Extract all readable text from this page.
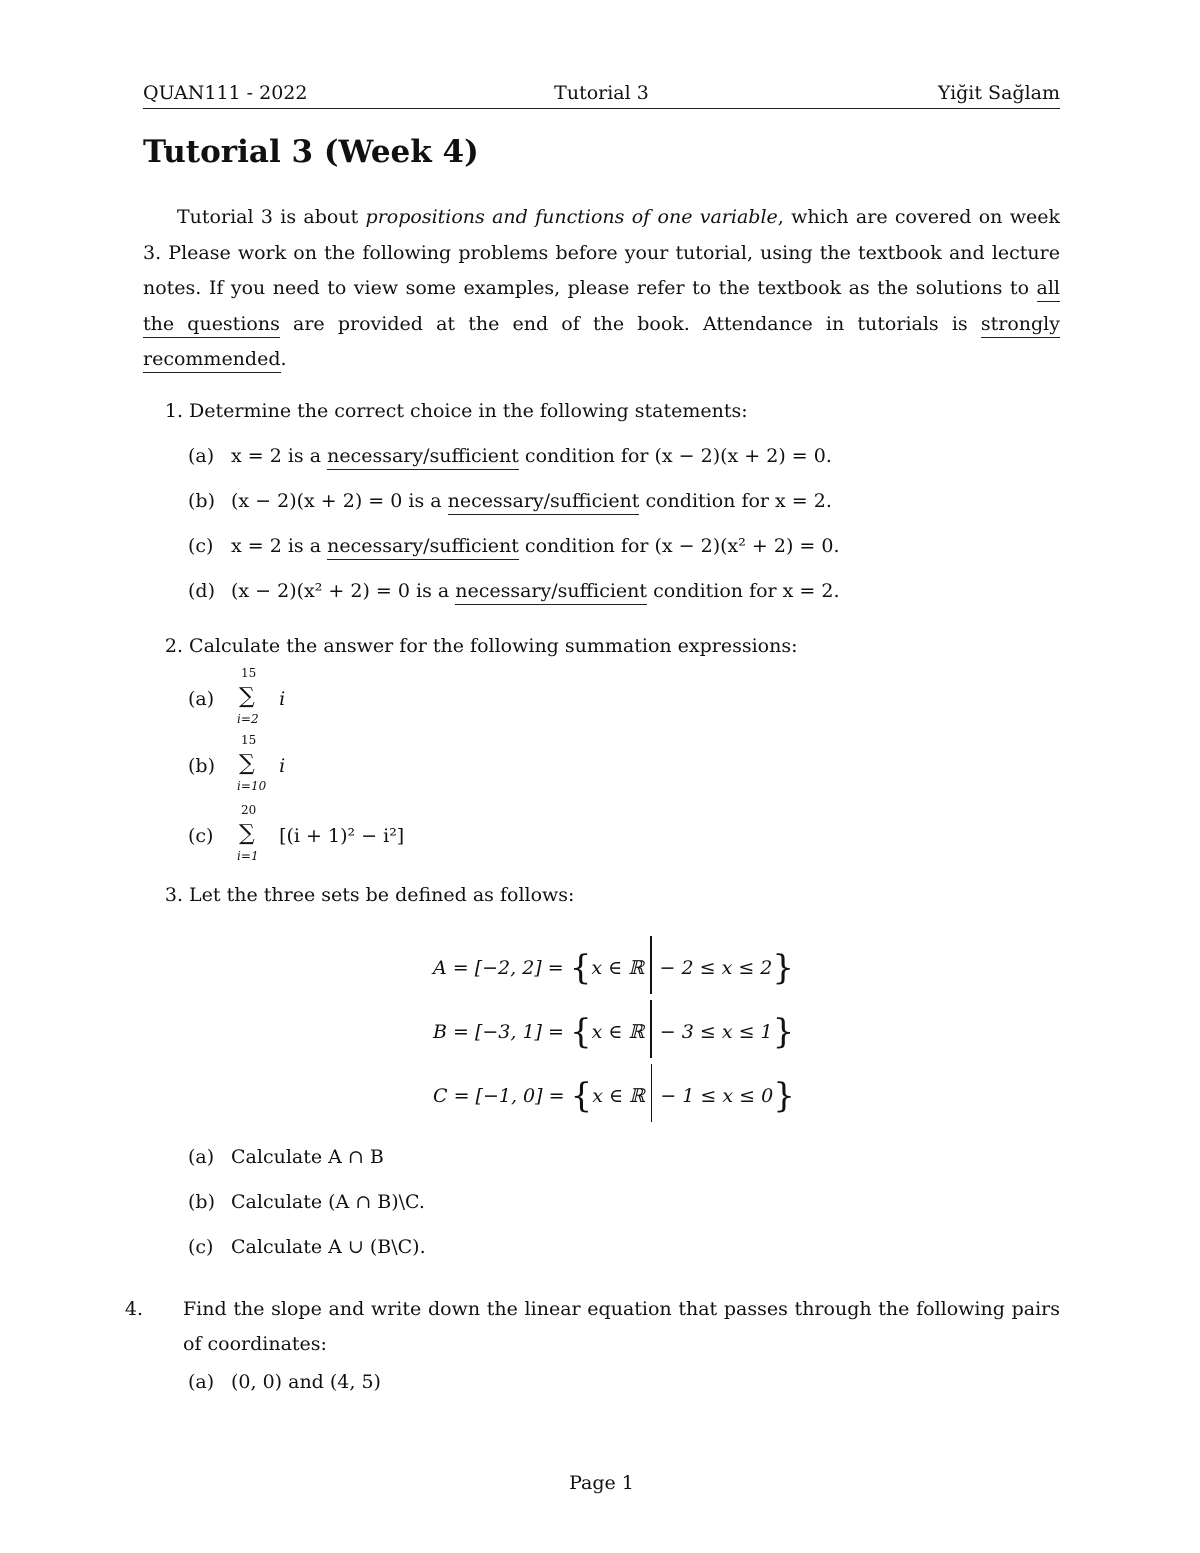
QUAN111 - 2022	Tutorial 3	Yiğit Sağlam
Tutorial 3 (Week 4)

Tutorial 3 is about propositions and functions of one variable, which are covered on week 3. Please work on the following problems before your tutorial, using the textbook and lecture notes. If you need to view some examples, please refer to the textbook as the solutions to all the questions are provided at the end of the book. Attendance in tutorials is strongly recommended.

1. Determine the correct choice in the following statements:
(a) x = 2 is a necessary/sufficient condition for (x − 2)(x + 2) = 0.
(b) (x − 2)(x + 2) = 0 is a necessary/sufficient condition for x = 2.
(c) x = 2 is a necessary/sufficient condition for (x − 2)(x² + 2) = 0.
(d) (x − 2)(x² + 2) = 0 is a necessary/sufficient condition for x = 2.
2. Calculate the answer for the following summation expressions:
(a)
15
∑
i=2
i
(b)
15
∑
i=10
i
(c)
20
∑
i=1
[(i + 1)² − i²]
3. Let the three sets be defined as follows:
A = [−2, 2] = {x ∈ ℝ − 2 ≤ x ≤ 2}
B = [−3, 1] = {x ∈ ℝ − 3 ≤ x ≤ 1}
C = [−1, 0] = {x ∈ ℝ − 1 ≤ x ≤ 0}
(a) Calculate A ∩ B
(b) Calculate (A ∩ B)\C.
(c) Calculate A ∪ (B\C).
4.	Find the slope and write down the linear equation that passes through the following pairs of coordinates:
(a) (0, 0) and (4, 5)
Page 1
